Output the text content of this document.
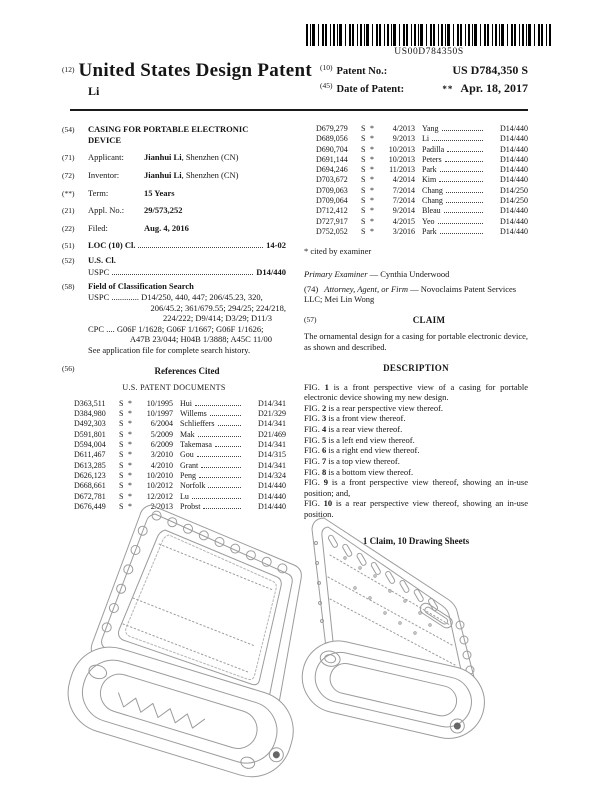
US00D784350S
$^{(12)}$ United States Design Patent
Li
(10) Patent No.:	US D784,350 S
(45) Date of Patent:	** Apr. 18, 2017
(54)	CASING FOR PORTABLE ELECTRONIC DEVICE
(71)	Applicant: Jianhui Li, Shenzhen (CN)
(72)	Inventor:	Jianhui Li, Shenzhen (CN)
(**)	Term:	15 Years
(21)	Appl. No.: 29/573,252
(22)	Filed:	Aug. 4, 2016
(51)	LOC (10) Cl.	14-02
(52)	U.S. Cl.
USPC	D14/440
(58)	Field of Classification Search
USPC ............. D14/250, 440, 447; 206/45.23, 320,
206/45.2; 361/679.55; 294/25; 224/218,
224/222; D9/414; D3/29; D11/3
CPC .... G06F 1/1628; G06F 1/1667; G06F 1/1626;
A47B 23/044; H04B 1/3888; A45C 11/00
See application file for complete search history.
(56)	References Cited
U.S. PATENT DOCUMENTS
D363,511	S *	10/1995 Hui	D14/341
D384,980	S *	10/1997 Willems	D21/329
D492,303	S *	6/2004 Schlieffers	D14/341
D591,801	S *	5/2009 Mak	D21/469
D594,004	S *	6/2009 Takemasa	D14/341
D611,467	S *	3/2010 Gou	D14/315
D613,285	S *	4/2010 Grant	D14/341
D626,123	S *	10/2010 Peng	D14/324
D668,661	S *	10/2012 Norfolk	D14/440
D672,781	S *	12/2012 Lu	D14/440
D676,449	S *	2/2013 Probst	D14/440
D679,279	S *	4/2013 Yang	D14/440
D689,056	S *	9/2013 Li	D14/440
D690,704	S *	10/2013 Padilla	D14/440
D691,144	S *	10/2013 Peters	D14/440
D694,246	S *	11/2013 Park	D14/440
D703,672	S *	4/2014 Kim	D14/440
D709,063	S *	7/2014 Chang	D14/250
D709,064	S *	7/2014 Chang	D14/250
D712,412	S *	9/2014 Bleau	D14/440
D727,917	S *	4/2015 Yeo	D14/440
D752,052	S *	3/2016 Park	D14/440
* cited by examiner
Primary Examiner — Cynthia Underwood
(74) Attorney, Agent, or Firm — Novoclaims Patent Services LLC; Mei Lin Wong
(57)	CLAIM
The ornamental design for a casing for portable electronic device, as shown and described.
DESCRIPTION
FIG. 1 is a front perspective view of a casing for portable electronic device showing my new design.
FIG. 2 is a rear perspective view thereof.
FIG. 3 is a front view thereof.
FIG. 4 is a rear view thereof.
FIG. 5 is a left end view thereof.
FIG. 6 is a right end view thereof.
FIG. 7 is a top view thereof.
FIG. 8 is a bottom view thereof.
FIG. 9 is a front perspective view thereof, showing an in-use position; and,
FIG. 10 is a rear perspective view thereof, showing an in-use position.
1 Claim, 10 Drawing Sheets
